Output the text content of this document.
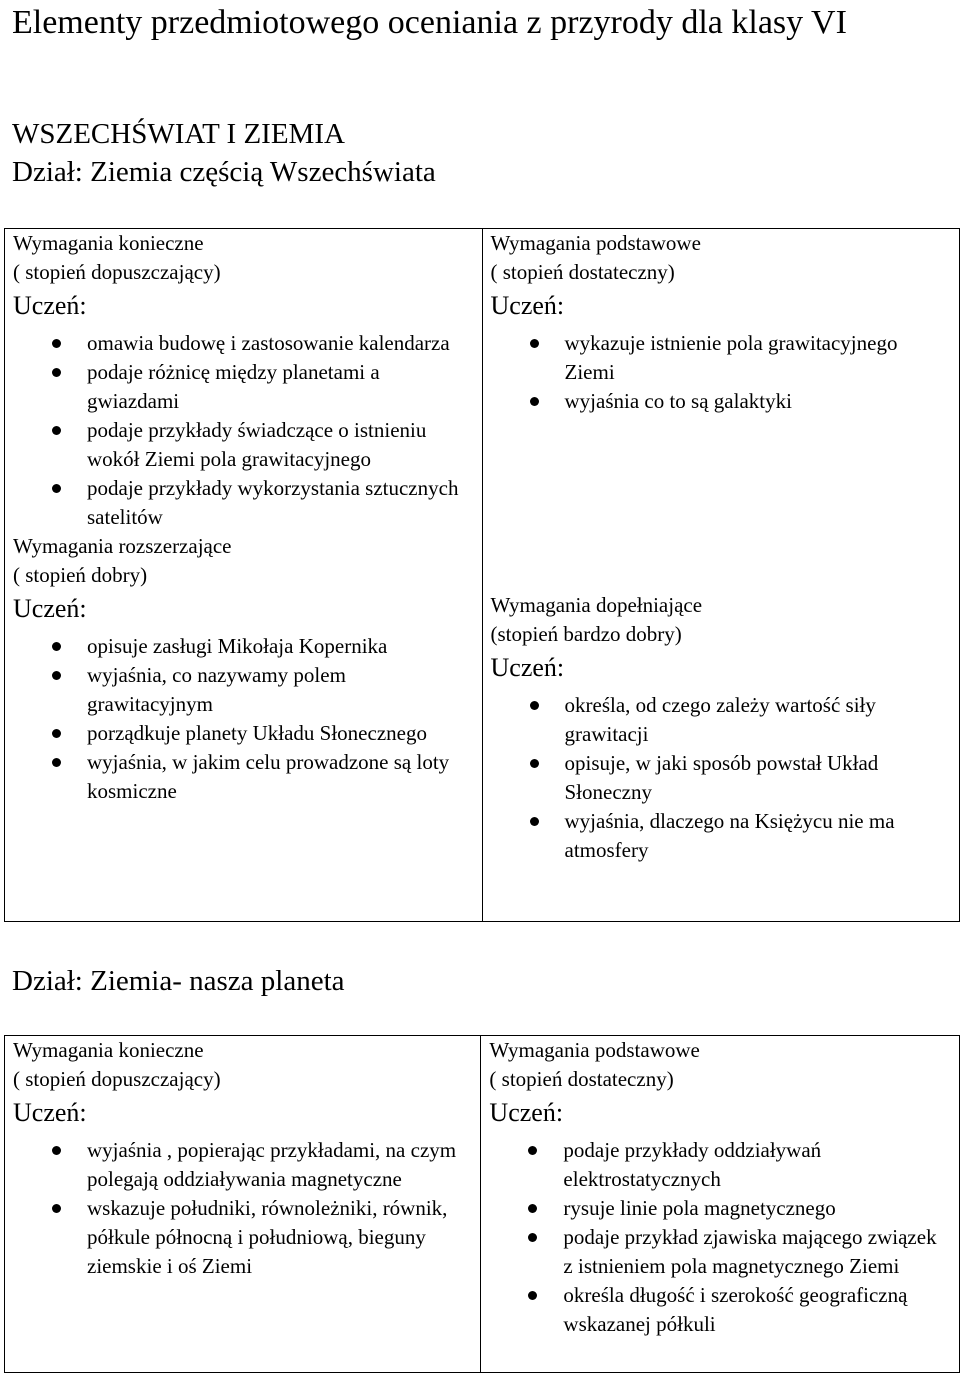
Elementy przedmiotowego oceniania z przyrody dla klasy VI
WSZECHŚWIAT I ZIEMIA
Dział: Ziemia częścią Wszechświata
Wymagania konieczne
( stopień dopuszczający)
Uczeń:
omawia budowę i zastosowanie kalendarza
podaje różnicę między planetami a gwiazdami
podaje przykłady świadczące o istnieniu wokół Ziemi pola grawitacyjnego
podaje przykłady wykorzystania sztucznych satelitów
Wymagania rozszerzające
( stopień dobry)
Uczeń:
opisuje zasługi Mikołaja Kopernika
wyjaśnia, co nazywamy polem grawitacyjnym
porządkuje planety Układu Słonecznego
wyjaśnia, w jakim celu prowadzone są loty kosmiczne

Wymagania podstawowe
( stopień dostateczny)
Uczeń:
wykazuje istnienie pola grawitacyjnego Ziemi
wyjaśnia co to są galaktyki
Wymagania dopełniające
(stopień bardzo dobry)
Uczeń:
określa, od czego zależy wartość siły grawitacji
opisuje, w jaki sposób powstał Układ Słoneczny
wyjaśnia, dlaczego na Księżycu nie ma atmosfery
Dział: Ziemia- nasza planeta
Wymagania konieczne
( stopień dopuszczający)
Uczeń:
wyjaśnia , popierając przykładami, na czym polegają oddziaływania magnetyczne
wskazuje południki, równoleżniki, równik, półkule północną i południową, bieguny ziemskie i oś Ziemi

Wymagania podstawowe
( stopień dostateczny)
Uczeń:
podaje przykłady oddziaływań elektrostatycznych
rysuje linie pola magnetycznego
podaje przykład zjawiska mającego związek z istnieniem pola magnetycznego Ziemi
określa długość i szerokość geograficzną wskazanej półkuli
